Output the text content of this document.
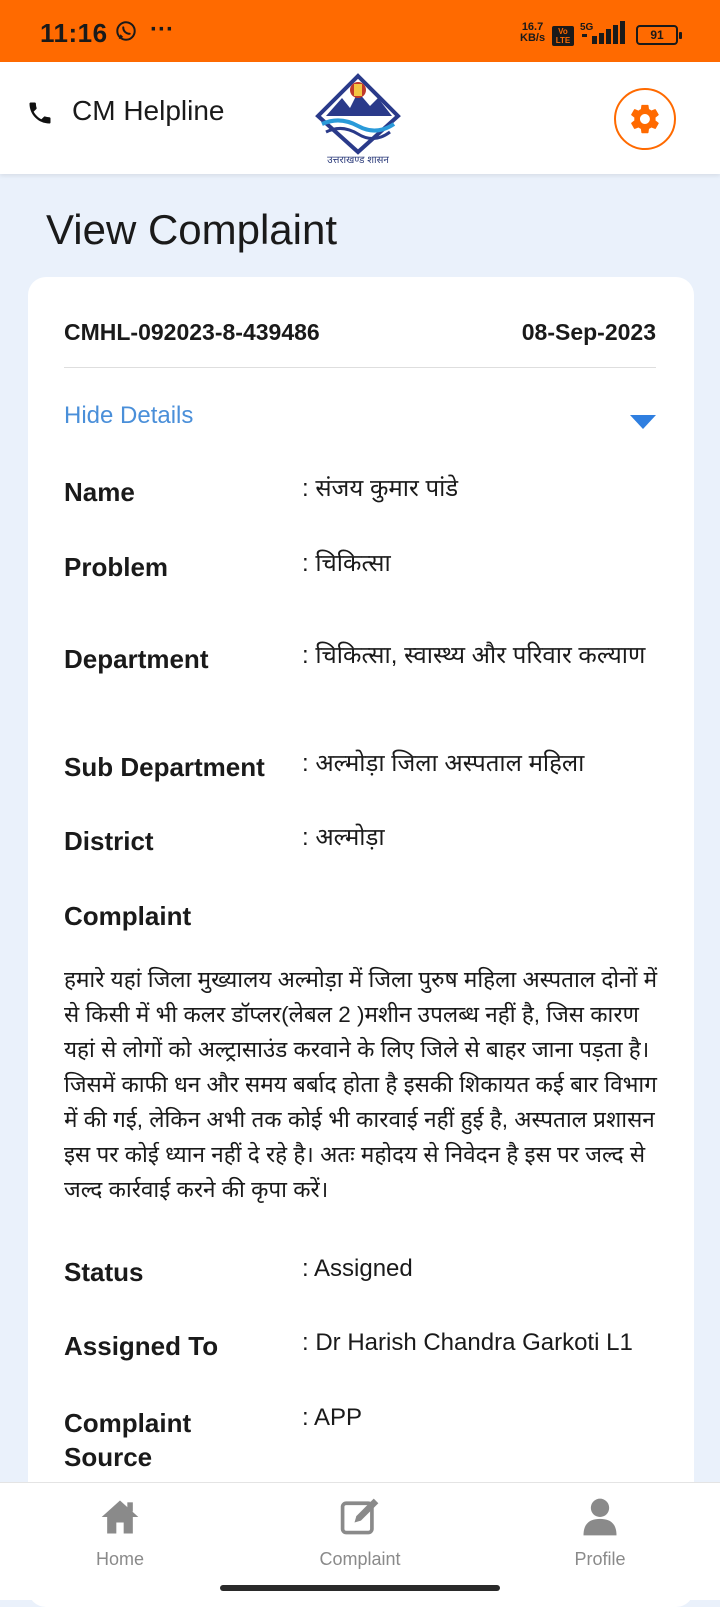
11:16 ···	16.7
KB/s
Vo LTE
5G
91
CM Helpline
उत्तराखण्ड शासन
View Complaint
CMHL-092023-8-439486	08-Sep-2023
Hide Details
Name	: संजय कुमार पांडे
Problem	: चिकित्सा
Department	: चिकित्सा, स्वास्थ्य और परिवार कल्याण
Sub Department : अल्मोड़ा जिला अस्पताल महिला
District	: अल्मोड़ा
Complaint
हमारे यहां जिला मुख्यालय अल्मोड़ा में जिला पुरुष महिला अस्पताल दोनों में से किसी में भी कलर डॉप्लर(लेबल 2 )मशीन उपलब्ध नहीं है, जिस कारण यहां से लोगों को अल्ट्रासाउंड करवाने के लिए जिले से बाहर जाना पड़ता है।जिसमें काफी धन और समय बर्बाद होता है इसकी शिकायत कई बार विभाग में की गई, लेकिन अभी तक कोई भी कारवाई नहीं हुई है, अस्पताल प्रशासन इस पर कोई ध्यान नहीं दे रहे है। अतः महोदय से निवेदन है इस पर जल्द से जल्द कार्रवाई करने की कृपा करें।
Status	: Assigned
Assigned To	: Dr Harish Chandra Garkoti L1
Complaint Source
: APP
Home	Complaint	Profile
